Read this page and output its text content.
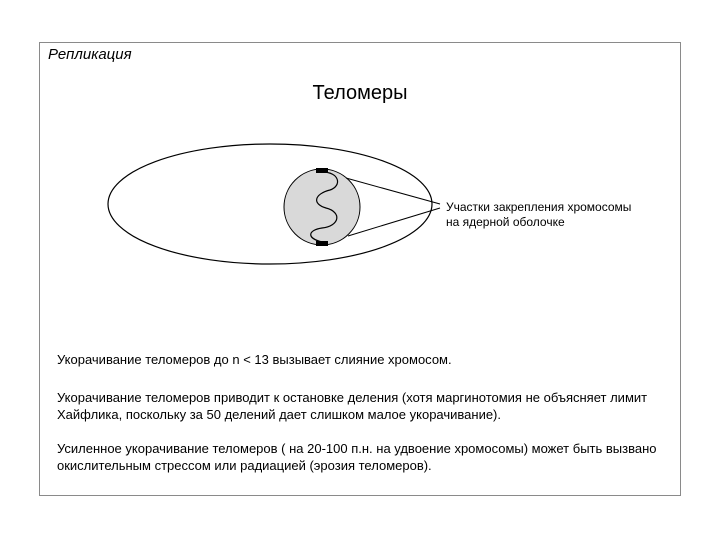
Репликация
Теломеры
Участки закрепления хромосомы
на ядерной оболочке

Укорачивание теломеров до n < 13 вызывает слияние хромосом.

Укорачивание теломеров приводит к остановке деления (хотя маргинотомия не объясняет лимит Хайфлика, поскольку за 50 делений дает слишком малое укорачивание).

Усиленное укорачивание теломеров ( на 20-100 п.н. на удвоение хромосомы) может быть вызвано окислительным стрессом или радиацией (эрозия теломеров).
